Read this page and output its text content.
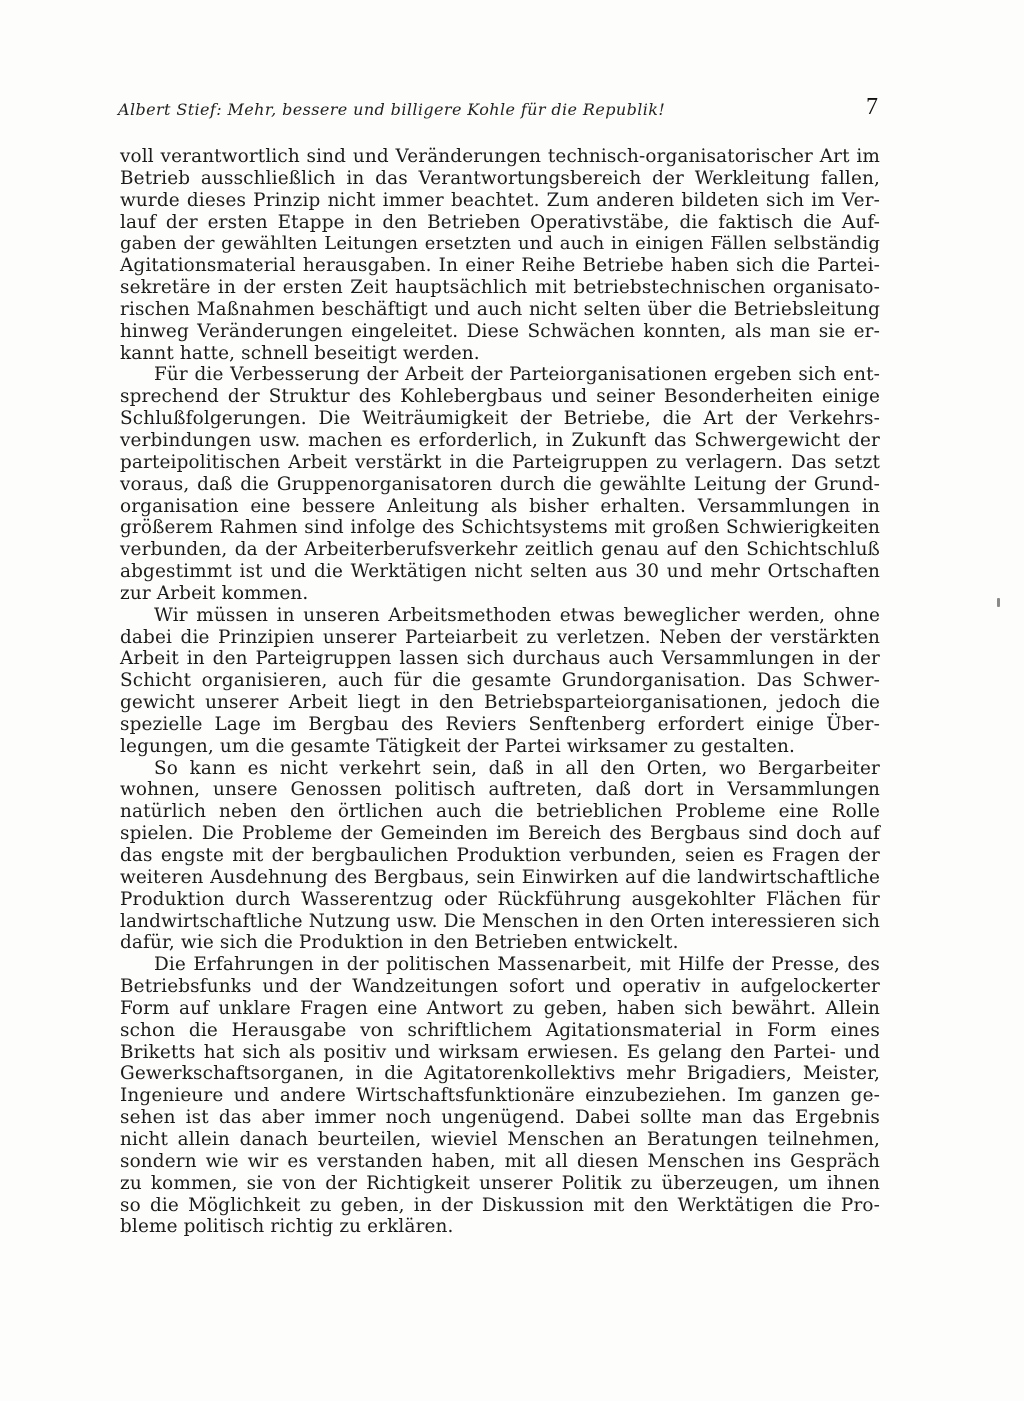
Albert Stief: Mehr, bessere und billigere Kohle für die Republik!	7
voll verantwortlich sind und Veränderungen technisch-organisatorischer Art im
Betrieb ausschließlich in das Verantwortungsbereich der Werkleitung fallen,
wurde dieses Prinzip nicht immer beachtet. Zum anderen bildeten sich im Ver-
lauf der ersten Etappe in den Betrieben Operativstäbe, die faktisch die Auf-
gaben der gewählten Leitungen ersetzten und auch in einigen Fällen selbständig
Agitationsmaterial herausgaben. In einer Reihe Betriebe haben sich die Partei-
sekretäre in der ersten Zeit hauptsächlich mit betriebstechnischen organisato-
rischen Maßnahmen beschäftigt und auch nicht selten über die Betriebsleitung
hinweg Veränderungen eingeleitet. Diese Schwächen konnten, als man sie er-
kannt hatte, schnell beseitigt werden.
Für die Verbesserung der Arbeit der Parteiorganisationen ergeben sich ent-
sprechend der Struktur des Kohlebergbaus und seiner Besonderheiten einige
Schlußfolgerungen. Die Weiträumigkeit der Betriebe, die Art der Verkehrs-
verbindungen usw. machen es erforderlich, in Zukunft das Schwergewicht der
parteipolitischen Arbeit verstärkt in die Parteigruppen zu verlagern. Das setzt
voraus, daß die Gruppenorganisatoren durch die gewählte Leitung der Grund-
organisation eine bessere Anleitung als bisher erhalten. Versammlungen in
größerem Rahmen sind infolge des Schichtsystems mit großen Schwierigkeiten
verbunden, da der Arbeiterberufsverkehr zeitlich genau auf den Schichtschluß
abgestimmt ist und die Werktätigen nicht selten aus 30 und mehr Ortschaften
zur Arbeit kommen.
Wir müssen in unseren Arbeitsmethoden etwas beweglicher werden, ohne
dabei die Prinzipien unserer Parteiarbeit zu verletzen. Neben der verstärkten
Arbeit in den Parteigruppen lassen sich durchaus auch Versammlungen in der
Schicht organisieren, auch für die gesamte Grundorganisation. Das Schwer-
gewicht unserer Arbeit liegt in den Betriebsparteiorganisationen, jedoch die
spezielle Lage im Bergbau des Reviers Senftenberg erfordert einige Über-
legungen, um die gesamte Tätigkeit der Partei wirksamer zu gestalten.
So kann es nicht verkehrt sein, daß in all den Orten, wo Bergarbeiter
wohnen, unsere Genossen politisch auftreten, daß dort in Versammlungen
natürlich neben den örtlichen auch die betrieblichen Probleme eine Rolle
spielen. Die Probleme der Gemeinden im Bereich des Bergbaus sind doch auf
das engste mit der bergbaulichen Produktion verbunden, seien es Fragen der
weiteren Ausdehnung des Bergbaus, sein Einwirken auf die landwirtschaftliche
Produktion durch Wasserentzug oder Rückführung ausgekohlter Flächen für
landwirtschaftliche Nutzung usw. Die Menschen in den Orten interessieren sich
dafür, wie sich die Produktion in den Betrieben entwickelt.
Die Erfahrungen in der politischen Massenarbeit, mit Hilfe der Presse, des
Betriebsfunks und der Wandzeitungen sofort und operativ in aufgelockerter
Form auf unklare Fragen eine Antwort zu geben, haben sich bewährt. Allein
schon die Herausgabe von schriftlichem Agitationsmaterial in Form eines
Briketts hat sich als positiv und wirksam erwiesen. Es gelang den Partei- und
Gewerkschaftsorganen, in die Agitatorenkollektivs mehr Brigadiers, Meister,
Ingenieure und andere Wirtschaftsfunktionäre einzubeziehen. Im ganzen ge-
sehen ist das aber immer noch ungenügend. Dabei sollte man das Ergebnis
nicht allein danach beurteilen, wieviel Menschen an Beratungen teilnehmen,
sondern wie wir es verstanden haben, mit all diesen Menschen ins Gespräch
zu kommen, sie von der Richtigkeit unserer Politik zu überzeugen, um ihnen
so die Möglichkeit zu geben, in der Diskussion mit den Werktätigen die Pro-
bleme politisch richtig zu erklären.
